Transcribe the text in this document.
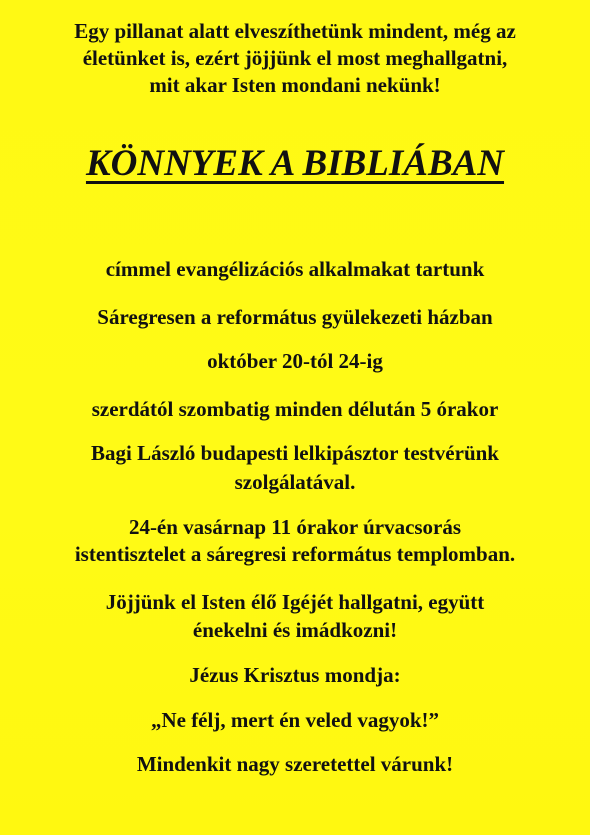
Egy pillanat alatt elveszíthetünk mindent, még az
életünket is, ezért jöjjünk el most meghallgatni,
mit akar Isten mondani nekünk!
KÖNNYEK A BIBLIÁBAN
címmel evangélizációs alkalmakat tartunk
Sáregresen a református gyülekezeti házban
október 20-tól 24-ig
szerdától szombatig minden délután 5 órakor
Bagi László budapesti lelkipásztor testvérünk
szolgálatával.
24-én vasárnap 11 órakor úrvacsorás
istentisztelet a sáregresi református templomban.
Jöjjünk el Isten élő Igéjét hallgatni, együtt
énekelni és imádkozni!
Jézus Krisztus mondja:
„Ne félj, mert én veled vagyok!”
Mindenkit nagy szeretettel várunk!
